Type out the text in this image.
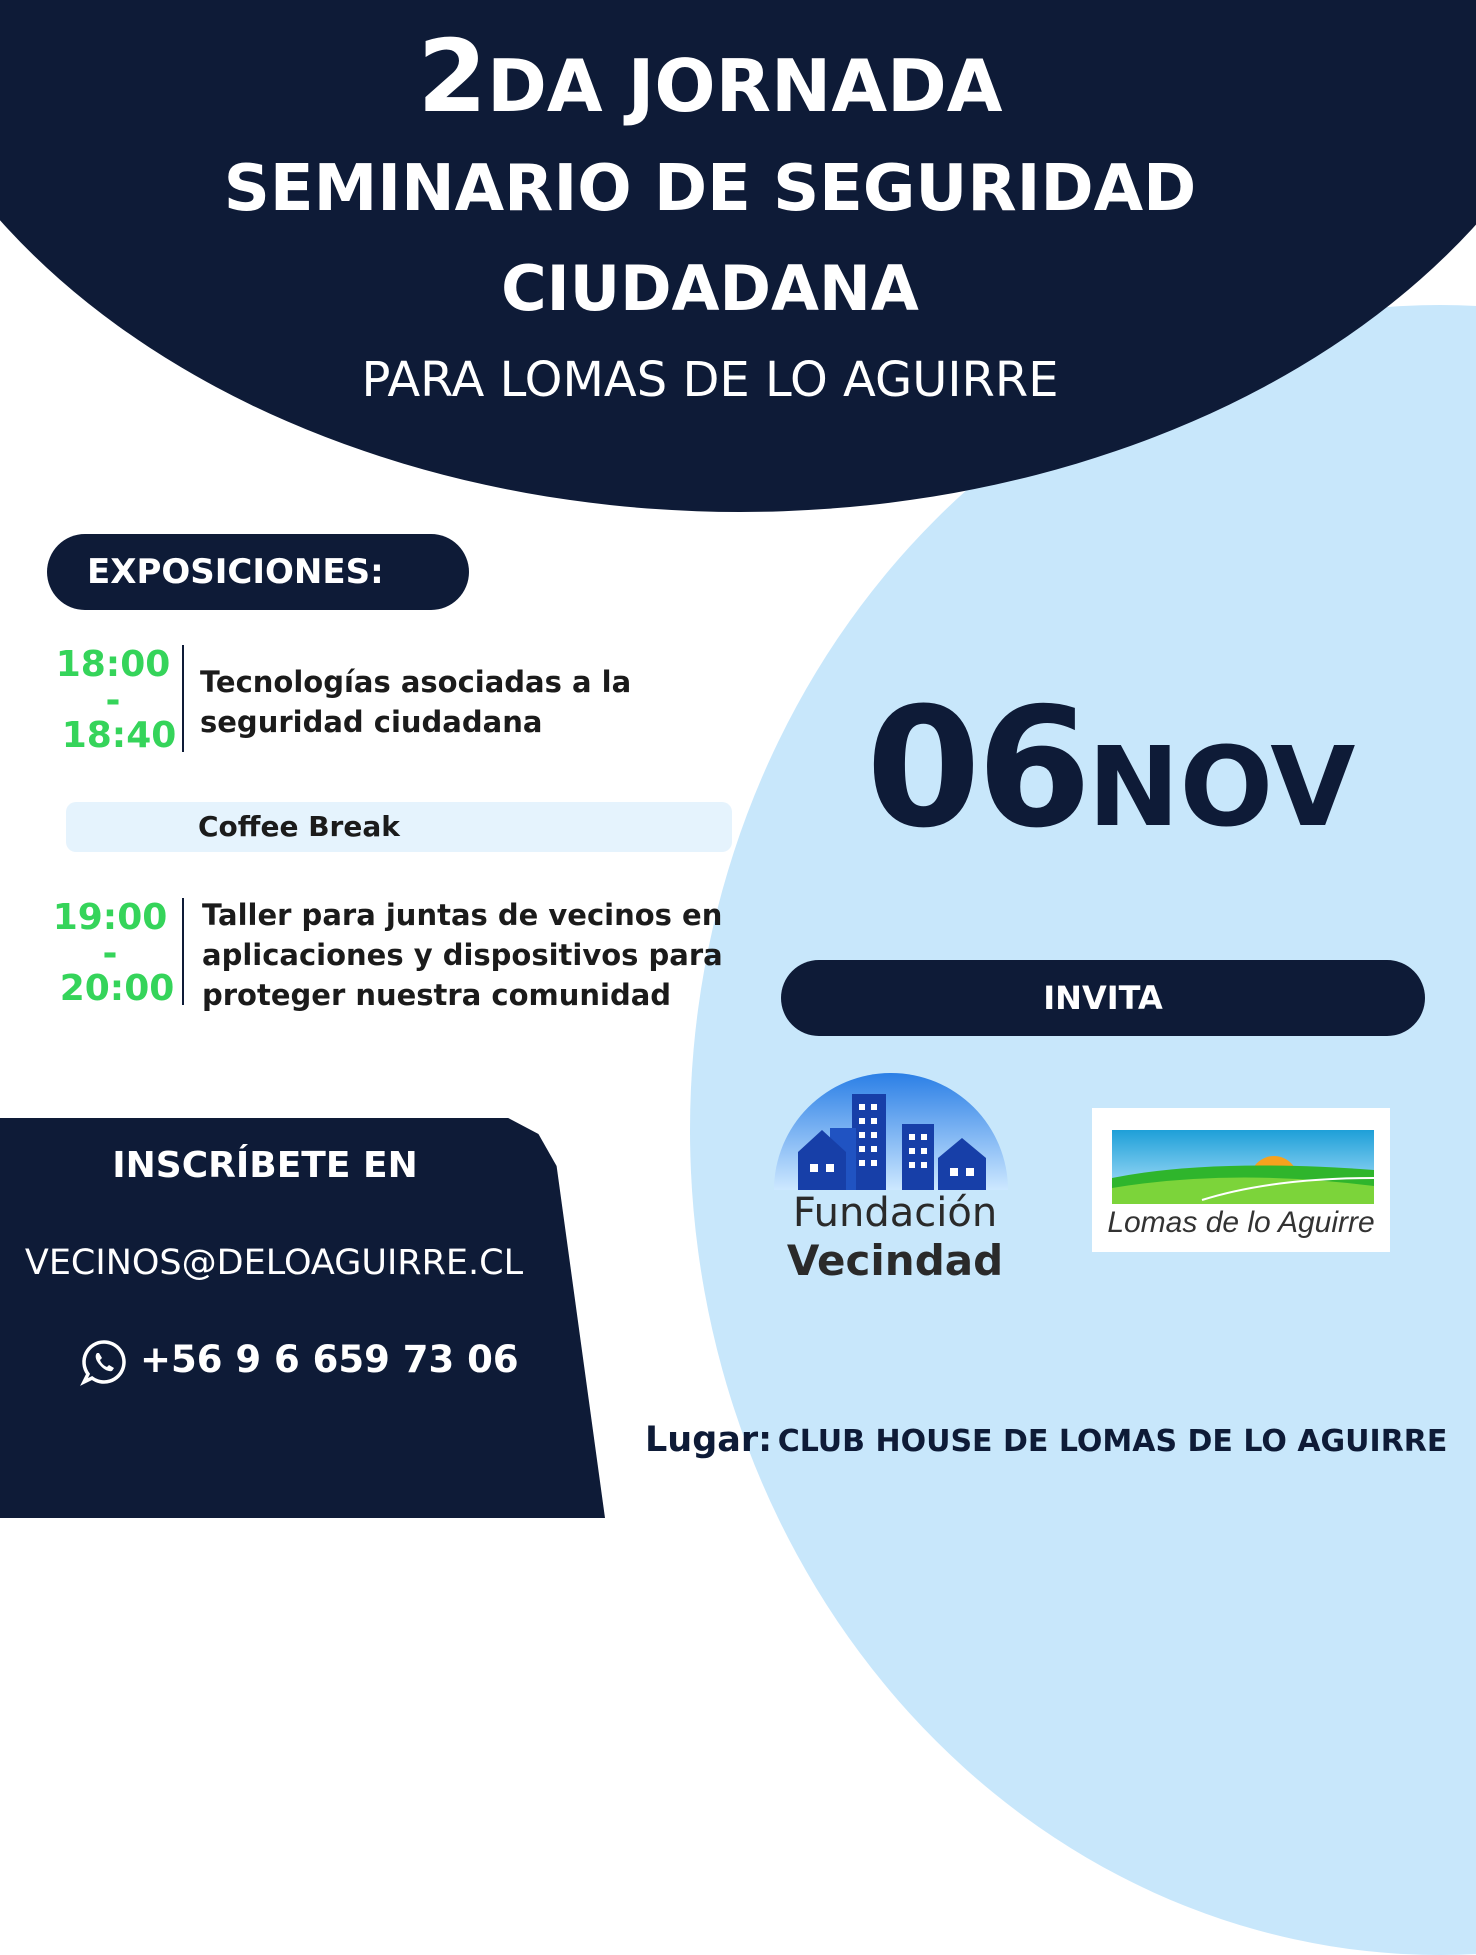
2DA JORNADA
SEMINARIO DE SEGURIDAD
CIUDADANA
PARA LOMAS DE LO AGUIRRE
EXPOSICIONES:
18:00
-
18:40
Tecnologías asociadas a la
seguridad ciudadana
Coffee Break
19:00
-
20:00
Taller para juntas de vecinos en
aplicaciones y dispositivos para
proteger nuestra comunidad
06NOV
INVITA
Fundación
Vecindad
Lomas de lo Aguirre
INSCRÍBETE EN
VECINOS@DELOAGUIRRE.CL
+56 9 6 659 73 06
Lugar: CLUB HOUSE DE LOMAS DE LO AGUIRRE
